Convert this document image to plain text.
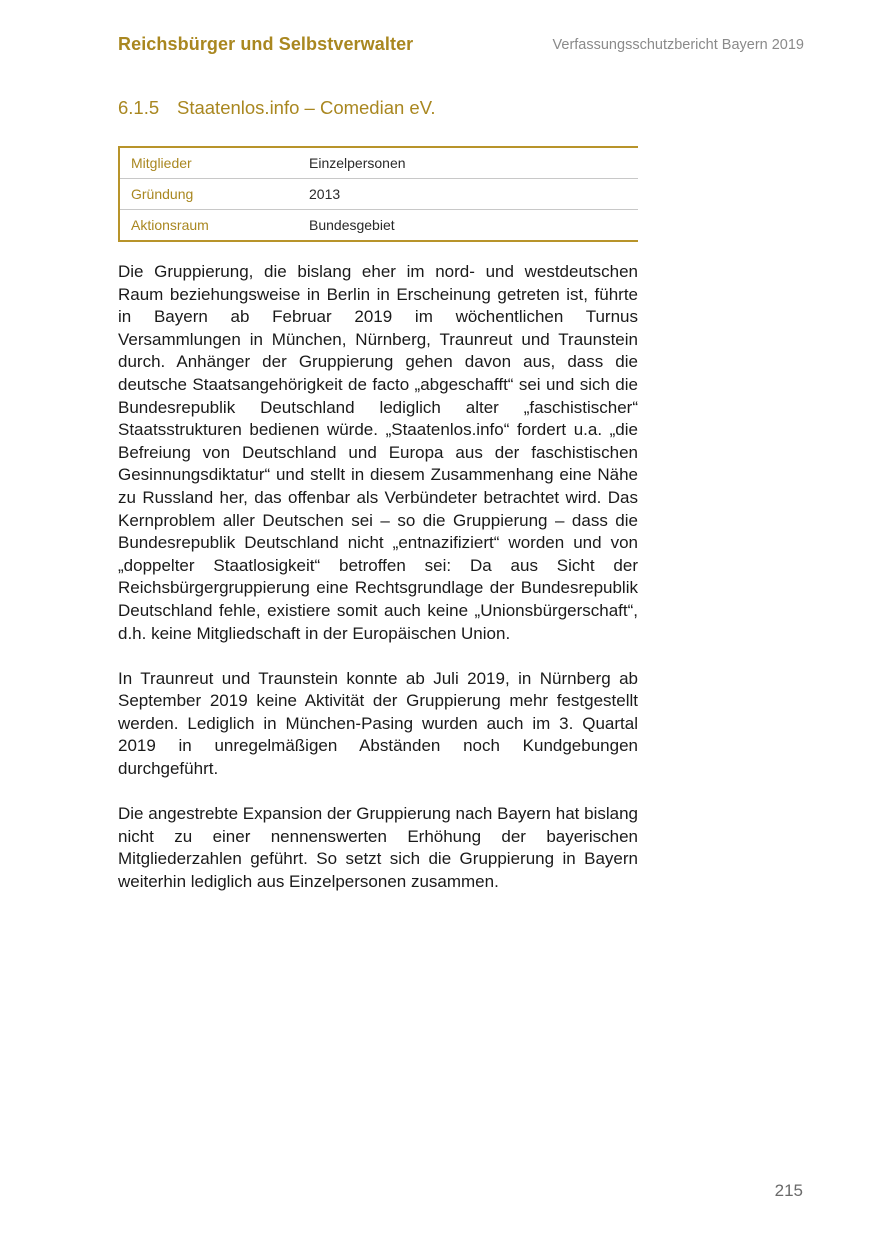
Reichsbürger und Selbstverwalter	Verfassungsschutzbericht Bayern 2019
6.1.5 Staatenlos.info – Comedian eV.
Mitglieder	Einzelpersonen
Gründung	2013
Aktionsraum	Bundesgebiet

Die Gruppierung, die bislang eher im nord- und westdeutschen Raum beziehungsweise in Berlin in Erscheinung getreten ist, führte in Bayern ab Februar 2019 im wöchentlichen Turnus Versammlungen in München, Nürnberg, Traunreut und Traunstein durch. Anhänger der Gruppierung gehen davon aus, dass die deutsche Staatsangehörigkeit de facto „abgeschafft“ sei und sich die Bundesrepublik Deutschland lediglich alter „faschistischer“ Staatsstrukturen bedienen würde. „Staatenlos.info“ fordert u.a. „die Befreiung von Deutschland und Europa aus der faschistischen Gesinnungsdiktatur“ und stellt in diesem Zusammenhang eine Nähe zu Russland her, das offenbar als Verbündeter betrachtet wird. Das Kernproblem aller Deutschen sei – so die Gruppierung – dass die Bundesrepublik Deutschland nicht „entnazifiziert“ worden und von „doppelter Staatlosigkeit“ betroffen sei: Da aus Sicht der Reichsbürgergruppierung eine Rechtsgrundlage der Bundesrepublik Deutschland fehle, existiere somit auch keine „Unionsbürgerschaft“, d.h. keine Mitgliedschaft in der Europäischen Union.

In Traunreut und Traunstein konnte ab Juli 2019, in Nürnberg ab September 2019 keine Aktivität der Gruppierung mehr festgestellt werden. Lediglich in München-Pasing wurden auch im 3. Quartal 2019 in unregelmäßigen Abständen noch Kundgebungen durchgeführt.

Die angestrebte Expansion der Gruppierung nach Bayern hat bislang nicht zu einer nennenswerten Erhöhung der bayerischen Mitgliederzahlen geführt. So setzt sich die Gruppierung in Bayern weiterhin lediglich aus Einzelpersonen zusammen.

215
